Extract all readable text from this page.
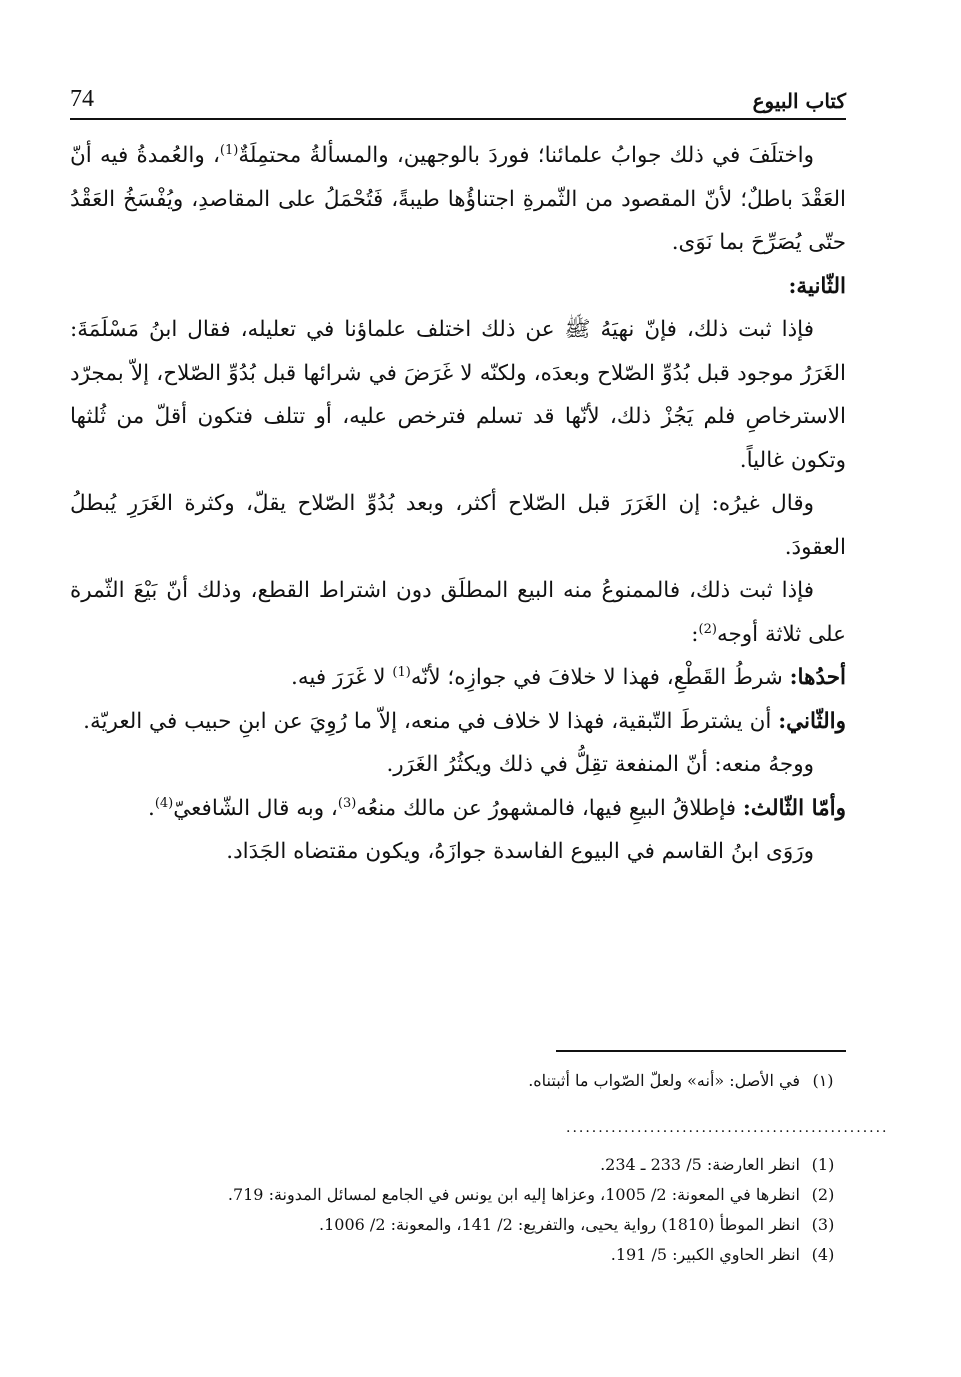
74	كتاب البيوع

واختلَفَ في ذلك جوابُ علمائنا؛ فوردَ بالوجهين، والمسألةُ محتمِلَةٌ$^{(1)}$، والعُمدةُ فيه أنّ العَقْدَ باطلٌ؛ لأنّ المقصود من الثّمرةِ اجتناؤُها طيبةً، فَتُحْمَلُ على المقاصدِ، ويُفْسَخُ العَقْدُ حتّى يُصَرِّحَ بما نَوَى.

الثّانية:

فإذا ثبت ذلك، فإنّ نهيَهُ ﷺ عن ذلك اختلف علماؤنا في تعليله، فقال ابنُ مَسْلَمَةَ: الغَرَرُ موجود قبل بُدُوِّ الصّلاح وبعدَه، ولكنّه لا غَرَضَ في شرائها قبل بُدُوِّ الصّلاح، إلاّ بمجرّد الاسترخاصِ فلم يَجُزْ ذلك، لأنّها قد تسلم فترخص عليه، أو تتلف فتكون أقلّ من ثُلثها وتكون غالياً.

وقال غيرُه: إن الغَرَرَ قبل الصّلاح أكثر، وبعد بُدُوِّ الصّلاح يقلّ، وكثرة الغَرَرِ يُبطلُ العقودَ.

فإذا ثبت ذلك، فالممنوعُ منه البيع المطلَق دون اشتراط القطع، وذلك أنّ بَيْعَ الثّمرة على ثلاثة أوجه$^{(2)}$:

أحدُها: شرطُ القَطْعِ، فهذا لا خلافَ في جوازِه؛ لأنّه$^{(1)}$ لا غَرَرَ فيه.

والثّاني: أن يشترطَ التّبقية، فهذا لا خلاف في منعه، إلاّ ما رُوِيَ عن ابنِ حبيب في العريّة.

ووجهُ منعه: أنّ المنفعة تقِلُّ في ذلك ويكثُرُ الغَرَر.

وأمّا الثّالث: فإطلاقُ البيعِ فيها، فالمشهورُ عن مالك منعُه$^{(3)}$، وبه قال الشّافعيّ$^{(4)}$.

ورَوَى ابنُ القاسم في البيوع الفاسدة جوازَهُ، ويكون مقتضاه الجَدَاد.

(١)
في الأصل: «أنه» ولعلّ الصّواب ما أثبتناه.
..................................................
(1)
انظر العارضة: 5/ 233 ـ 234.
(2)
انظرها في المعونة: 2/ 1005، وعزاها إليه ابن يونس في الجامع لمسائل المدونة: 719.
(3)
انظر الموطأ (1810) رواية يحيى، والتفريع: 2/ 141، والمعونة: 2/ 1006.
(4)
انظر الحاوي الكبير: 5/ 191.
